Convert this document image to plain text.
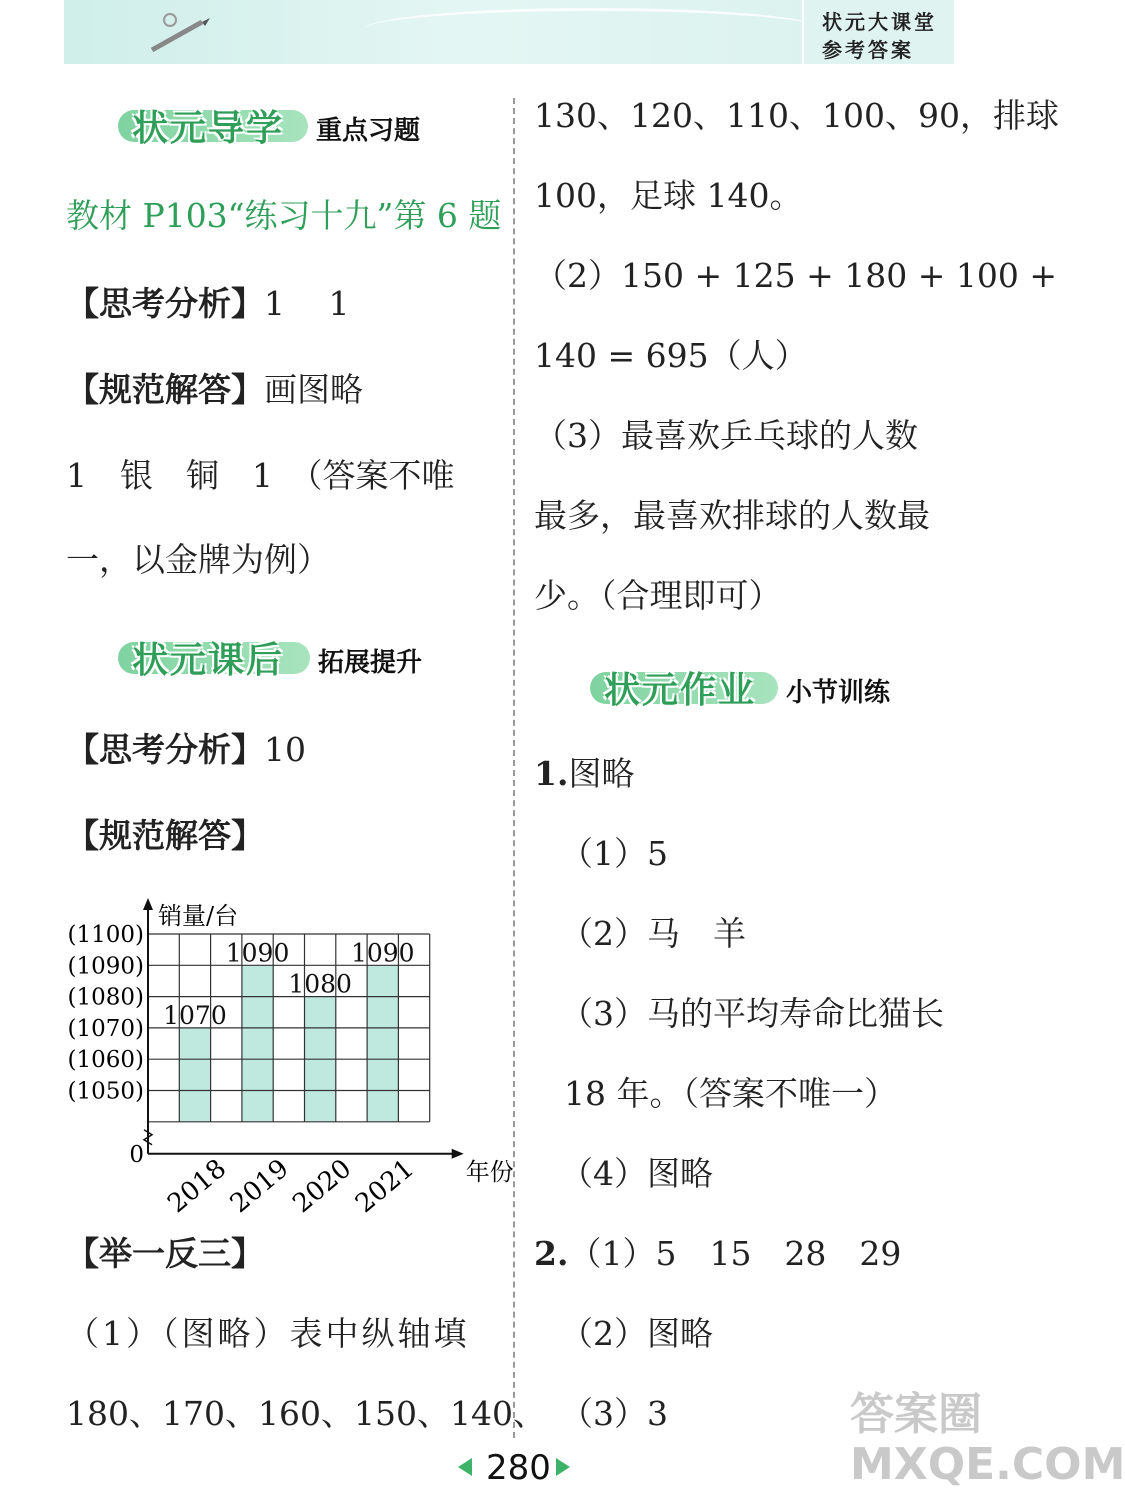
状元大课堂
参考答案
状元导学 重点习题
教材 P103“练习十九”第 6 题
【思考分析】1　 1
【规范解答】画图略
1　银　铜　1　（答案不唯
一，以金牌为例）
状元课后 拓展提升
【思考分析】10
【规范解答】
销量/台
(1100)
(1090)
(1080)
(1070)
(1060)
(1050)
0
1070
1090
1080
1090
2018
2019
2020
2021 年份
【举一反三】
（1）（图略）表中纵轴填
180、170、160、150、140、
130、120、110、100、90，排球
100，足球 140。
（2）150 + 125 + 180 + 100 +
140 = 695（人）
（3）最喜欢乒乓球的人数
最多，最喜欢排球的人数最
少。（合理即可）
状元作业 小节训练
1.图略
（1）5
（2）马　羊
（3）马的平均寿命比猫长
18 年。（答案不唯一）
（4）图略
2.（1）5　15　28　29
（2）图略
（3）3
280
答案圈 MXQE.COM
